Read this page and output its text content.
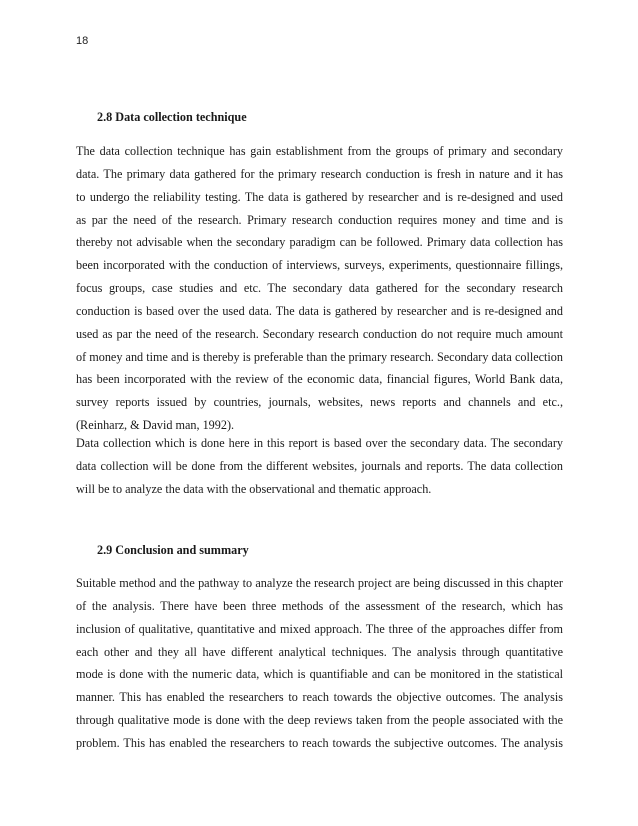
18
2.8 Data collection technique
The data collection technique has gain establishment from the groups of primary and secondary
data. The primary data gathered for the primary research conduction is fresh in nature and it has
to undergo the reliability testing. The data is gathered by researcher and is re-designed and used
as par the need of the research. Primary research conduction requires money and time and is
thereby not advisable when the secondary paradigm can be followed. Primary data collection has
been incorporated with the conduction of interviews, surveys, experiments, questionnaire fillings,
focus groups, case studies and etc. The secondary data gathered for the secondary research
conduction is based over the used data. The data is gathered by researcher and is re-designed and
used as par the need of the research. Secondary research conduction do not require much amount
of money and time and is thereby is preferable than the primary research. Secondary data collection
has been incorporated with the review of the economic data, financial figures, World Bank data,
survey reports issued by countries, journals, websites, news reports and channels and etc.,
(Reinharz, & David man, 1992).
Data collection which is done here in this report is based over the secondary data. The secondary
data collection will be done from the different websites, journals and reports. The data collection
will be to analyze the data with the observational and thematic approach.
2.9 Conclusion and summary
Suitable method and the pathway to analyze the research project are being discussed in this chapter
of the analysis. There have been three methods of the assessment of the research, which has
inclusion of qualitative, quantitative and mixed approach. The three of the approaches differ from
each other and they all have different analytical techniques. The analysis through quantitative
mode is done with the numeric data, which is quantifiable and can be monitored in the statistical
manner. This has enabled the researchers to reach towards the objective outcomes. The analysis
through qualitative mode is done with the deep reviews taken from the people associated with the
problem. This has enabled the researchers to reach towards the subjective outcomes. The analysis
